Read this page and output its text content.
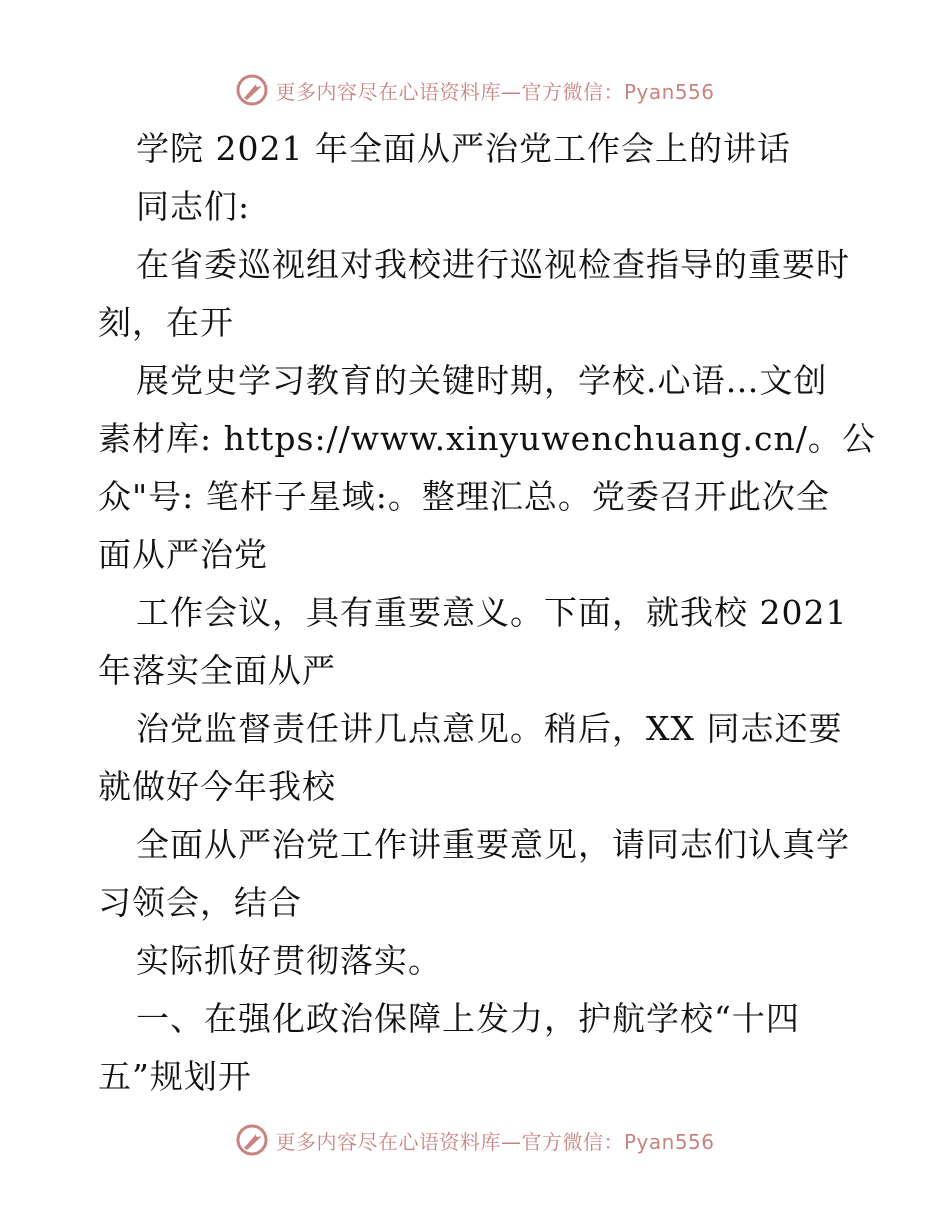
更多内容尽在心语资料库—官方微信：Pyan556
学院 2021 年全面从严治党工作会上的讲话
同志们:
在省委巡视组对我校进行巡视检查指导的重要时
刻，在开
展党史学习教育的关键时期，学校.心语…文创
素材库: https://www.xinyuwenchuang.cn/。公
众"号: 笔杆子星域:。整理汇总。党委召开此次全
面从严治党
工作会议，具有重要意义。下面，就我校 2021
年落实全面从严
治党监督责任讲几点意见。稍后，XX 同志还要
就做好今年我校
全面从严治党工作讲重要意见，请同志们认真学
习领会，结合
实际抓好贯彻落实。
一、在强化政治保障上发力，护航学校“十四
五”规划开
更多内容尽在心语资料库—官方微信：Pyan556
